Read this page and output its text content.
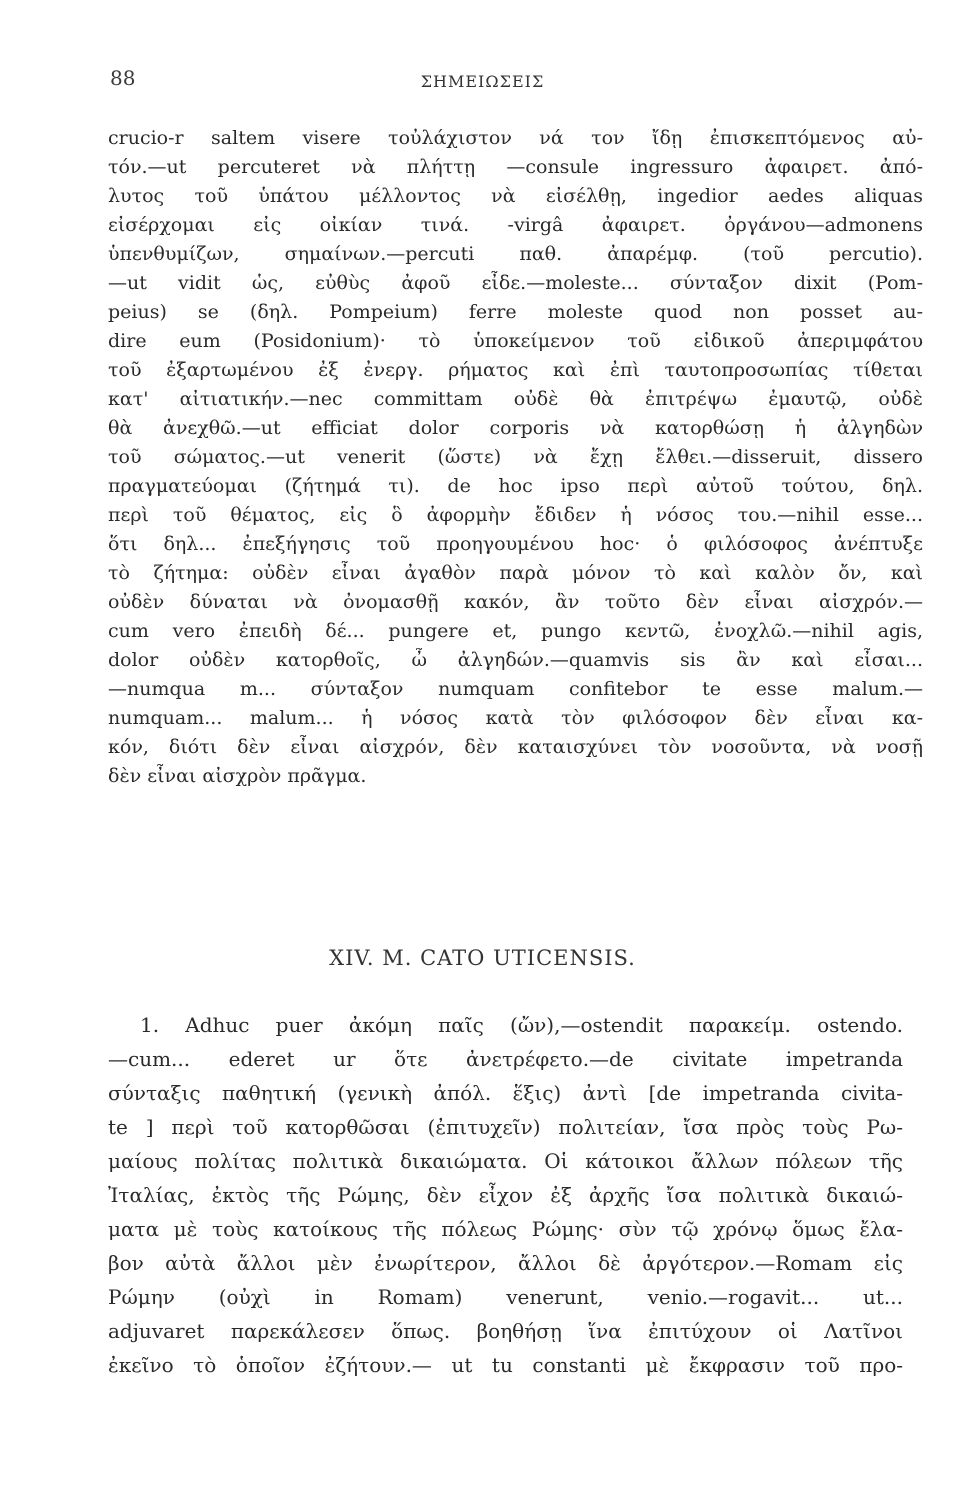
88	ΣΗΜΕΙΩΣΕΙΣ
crucio-r saltem visere τοὐλάχιστον νά τον ἴδῃ ἐπισκεπτόμενος αὐ-
τόν.—ut percuteret νὰ πλήττῃ —consule ingressuro ἀφαιρετ. ἀπό-
λυτος τοῦ ὑπάτου μέλλοντος νὰ εἰσέλθῃ, ingedior aedes aliquas
εἰσέρχομαι εἰς οἰκίαν τινά. -virgâ ἀφαιρετ. ὀργάνου—admonens
ὑπενθυμίζων, σημαίνων.—percuti παθ. ἀπαρέμφ. (τοῦ percutio).
—ut vidit ὡς, εὐθὺς ἀφοῦ εἶδε.—moleste... σύνταξον dixit (Pom-
peius) se (δηλ. Pompeium) ferre moleste quod non posset au-
dire eum (Posidonium)· τὸ ὑποκείμενον τοῦ εἰδικοῦ ἀπεριμφάτου
τοῦ ἐξαρτωμένου ἐξ ἐνεργ. ρήματος καὶ ἐπὶ ταυτοπροσωπίας τίθεται
κατ' αἰτιατικήν.—nec committam οὐδὲ θὰ ἐπιτρέψω ἐμαυτῷ, οὐδὲ
θὰ ἀνεχθῶ.—ut efficiat dolor corporis νὰ κατορθώσῃ ἡ ἀλγηδὼν
τοῦ σώματος.—ut venerit (ὥστε) νὰ ἔχῃ ἔλθει.—disseruit, dissero
πραγματεύομαι (ζήτημά τι). de hoc ipso περὶ αὐτοῦ τούτου, δηλ.
περὶ τοῦ θέματος, εἰς ὃ ἀφορμὴν ἔδιδεν ἡ νόσος του.—nihil esse...
ὅτι δηλ... ἐπεξήγησις τοῦ προηγουμένου hoc· ὁ φιλόσοφος ἀνέπτυξε
τὸ ζήτημα: οὐδὲν εἶναι ἀγαθὸν παρὰ μόνον τὸ καὶ καλὸν ὄν, καὶ
οὐδὲν δύναται νὰ ὀνομασθῇ κακόν, ἂν τοῦτο δὲν εἶναι αἰσχρόν.—
cum vero ἐπειδὴ δέ... pungere et, pungo κεντῶ, ἐνοχλῶ.—nihil agis,
dolor οὐδὲν κατορθοῖς, ὦ ἀλγηδών.—quamvis sis ἂν καὶ εἶσαι...
—numqua m... σύνταξον numquam confitebor te esse malum.—
numquam... malum... ἡ νόσος κατὰ τὸν φιλόσοφον δὲν εἶναι κα-
κόν, διότι δὲν εἶναι αἰσχρόν, δὲν καταισχύνει τὸν νοσοῦντα, νὰ νοσῇ
δὲν εἶναι αἰσχρὸν πρᾶγμα.
XIV. M. CATO UTICENSIS.
1. Adhuc puer ἀκόμη παῖς (ὤν),—ostendit παρακείμ. ostendo.
—cum... ederet ur ὅτε ἀνετρέφετο.—de civitate impetranda
σύνταξις παθητική (γενικὴ ἀπόλ. ἕξις) ἀντὶ [de impetranda civita-
te ] περὶ τοῦ κατορθῶσαι (ἐπιτυχεῖν) πολιτείαν, ἴσα πρὸς τοὺς Ρω-
μαίους πολίτας πολιτικὰ δικαιώματα. Οἱ κάτοικοι ἄλλων πόλεων τῆς
Ἰταλίας, ἐκτὸς τῆς Ρώμης, δὲν εἶχον ἐξ ἀρχῆς ἴσα πολιτικὰ δικαιώ-
ματα μὲ τοὺς κατοίκους τῆς πόλεως Ρώμης· σὺν τῷ χρόνῳ ὅμως ἔλα-
βον αὐτὰ ἄλλοι μὲν ἐνωρίτερον, ἄλλοι δὲ ἀργότερον.—Romam εἰς
Ρώμην (οὐχὶ in Romam) venerunt, venio.—rogavit... ut...
adjuvaret παρεκάλεσεν ὅπως. βοηθήσῃ ἵνα ἐπιτύχουν οἱ Λατῖνοι
ἐκεῖνο τὸ ὁποῖον ἐζήτουν.— ut tu constanti μὲ ἔκφρασιν τοῦ προ-
